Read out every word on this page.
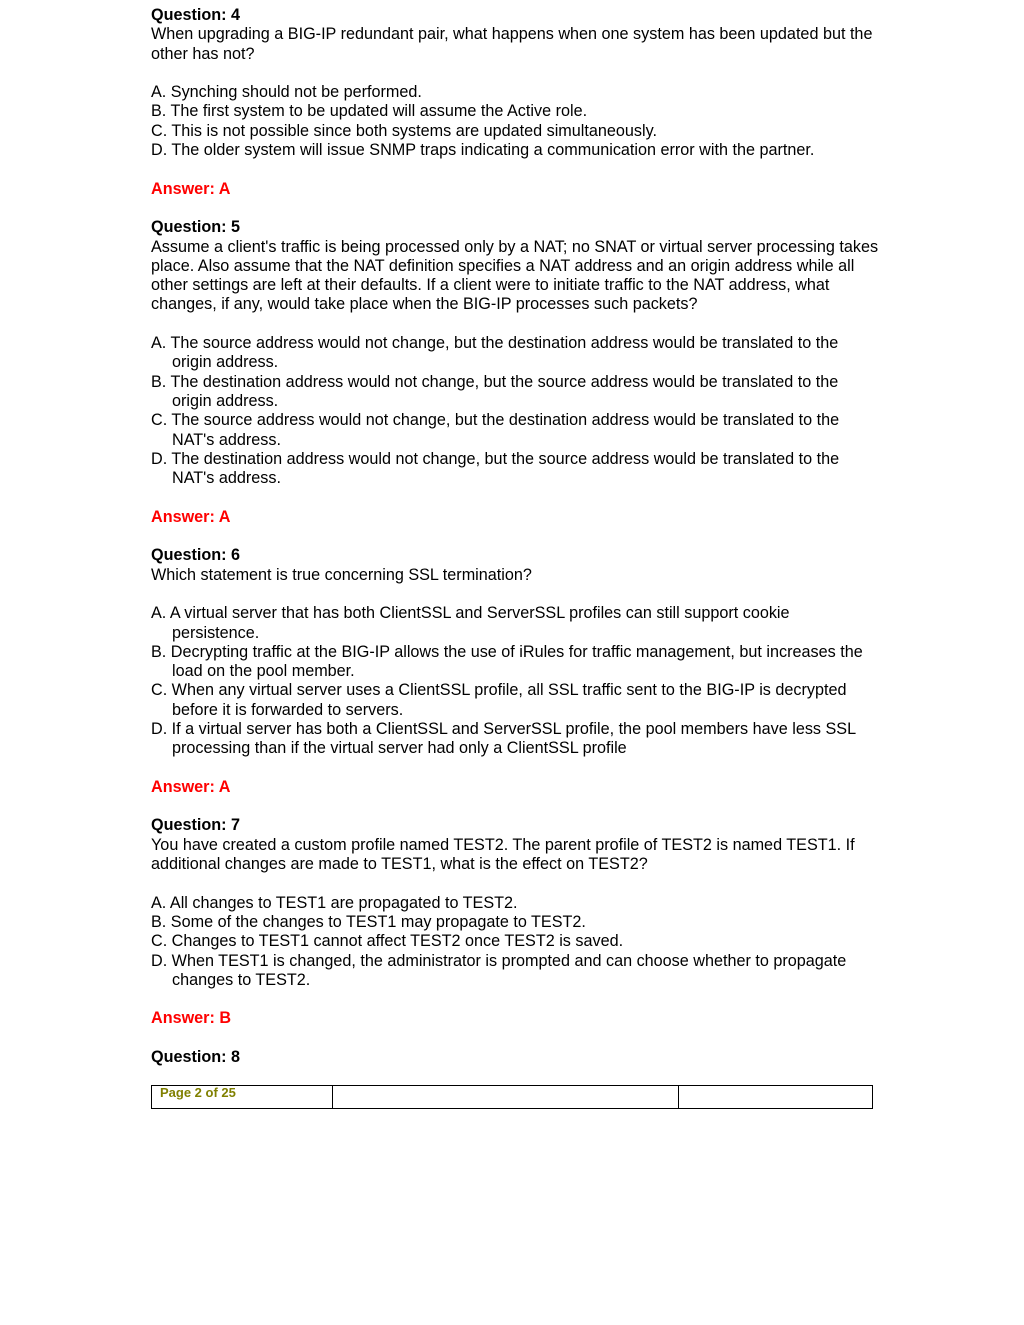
Question: 4
When upgrading a BIG-IP redundant pair, what happens when one system has been updated but the other has not?
A. Synching should not be performed.
B. The first system to be updated will assume the Active role.
C. This is not possible since both systems are updated simultaneously.
D. The older system will issue SNMP traps indicating a communication error with the partner.
Answer: A
Question: 5
Assume a client's traffic is being processed only by a NAT; no SNAT or virtual server processing takes place. Also assume that the NAT definition specifies a NAT address and an origin address while all other settings are left at their defaults. If a client were to initiate traffic to the NAT address, what changes, if any, would take place when the BIG-IP processes such packets?
A. The source address would not change, but the destination address would be translated to the origin address.
B. The destination address would not change, but the source address would be translated to the origin address.
C. The source address would not change, but the destination address would be translated to the NAT's address.
D. The destination address would not change, but the source address would be translated to the NAT's address.
Answer: A
Question: 6
Which statement is true concerning SSL termination?
A. A virtual server that has both ClientSSL and ServerSSL profiles can still support cookie persistence.
B. Decrypting traffic at the BIG-IP allows the use of iRules for traffic management, but increases the load on the pool member.
C. When any virtual server uses a ClientSSL profile, all SSL traffic sent to the BIG-IP is decrypted before it is forwarded to servers.
D. If a virtual server has both a ClientSSL and ServerSSL profile, the pool members have less SSL processing than if the virtual server had only a ClientSSL profile
Answer: A
Question: 7
You have created a custom profile named TEST2. The parent profile of TEST2 is named TEST1. If additional changes are made to TEST1, what is the effect on TEST2?
A. All changes to TEST1 are propagated to TEST2.
B. Some of the changes to TEST1 may propagate to TEST2.
C. Changes to TEST1 cannot affect TEST2 once TEST2 is saved.
D. When TEST1 is changed, the administrator is prompted and can choose whether to propagate changes to TEST2.
Answer: B
Question: 8
Page 2 of 25
